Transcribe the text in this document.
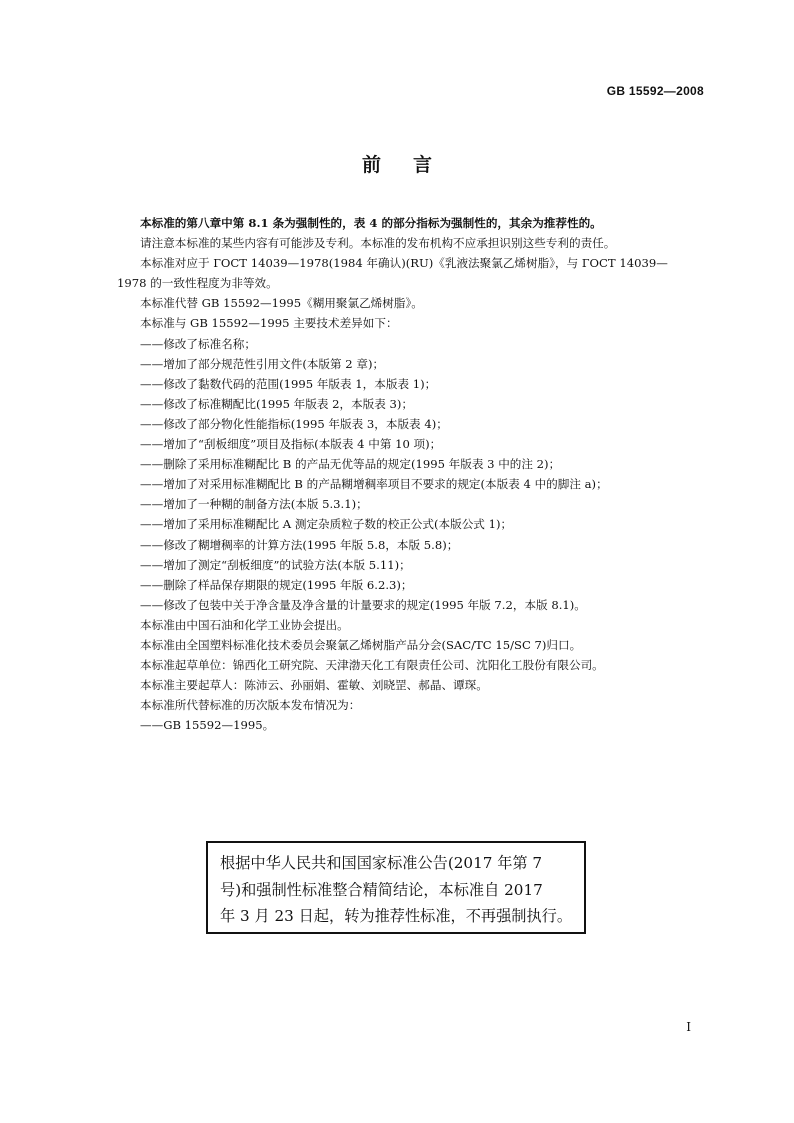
GB 15592—2008
前言
本标准的第八章中第 8.1 条为强制性的，表 4 的部分指标为强制性的，其余为推荐性的。
请注意本标准的某些内容有可能涉及专利。本标准的发布机构不应承担识别这些专利的责任。
本标准对应于 ГОСТ 14039—1978(1984 年确认)(RU)《乳液法聚氯乙烯树脂》，与 ГОСТ 14039—
1978 的一致性程度为非等效。
本标准代替 GB 15592—1995《糊用聚氯乙烯树脂》。
本标准与 GB 15592—1995 主要技术差异如下：
——修改了标准名称；
——增加了部分规范性引用文件(本版第 2 章)；
——修改了黏数代码的范围(1995 年版表 1，本版表 1)；
——修改了标准糊配比(1995 年版表 2，本版表 3)；
——修改了部分物化性能指标(1995 年版表 3，本版表 4)；
——增加了“刮板细度”项目及指标(本版表 4 中第 10 项)；
——删除了采用标准糊配比 B 的产品无优等品的规定(1995 年版表 3 中的注 2)；
——增加了对采用标准糊配比 B 的产品糊增稠率项目不要求的规定(本版表 4 中的脚注 a)；
——增加了一种糊的制备方法(本版 5.3.1)；
——增加了采用标准糊配比 A 测定杂质粒子数的校正公式(本版公式 1)；
——修改了糊增稠率的计算方法(1995 年版 5.8，本版 5.8)；
——增加了测定“刮板细度”的试验方法(本版 5.11)；
——删除了样品保存期限的规定(1995 年版 6.2.3)；
——修改了包装中关于净含量及净含量的计量要求的规定(1995 年版 7.2，本版 8.1)。
本标准由中国石油和化学工业协会提出。
本标准由全国塑料标准化技术委员会聚氯乙烯树脂产品分会(SAC/TC 15/SC 7)归口。
本标准起草单位：锦西化工研究院、天津渤天化工有限责任公司、沈阳化工股份有限公司。
本标准主要起草人：陈沛云、孙丽娟、霍敏、刘晓罡、郝晶、谭琛。
本标准所代替标准的历次版本发布情况为：
——GB 15592—1995。
根据中华人民共和国国家标准公告(2017 年第 7
号)和强制性标准整合精简结论，本标准自 2017
年 3 月 23 日起，转为推荐性标准，不再强制执行。
I
